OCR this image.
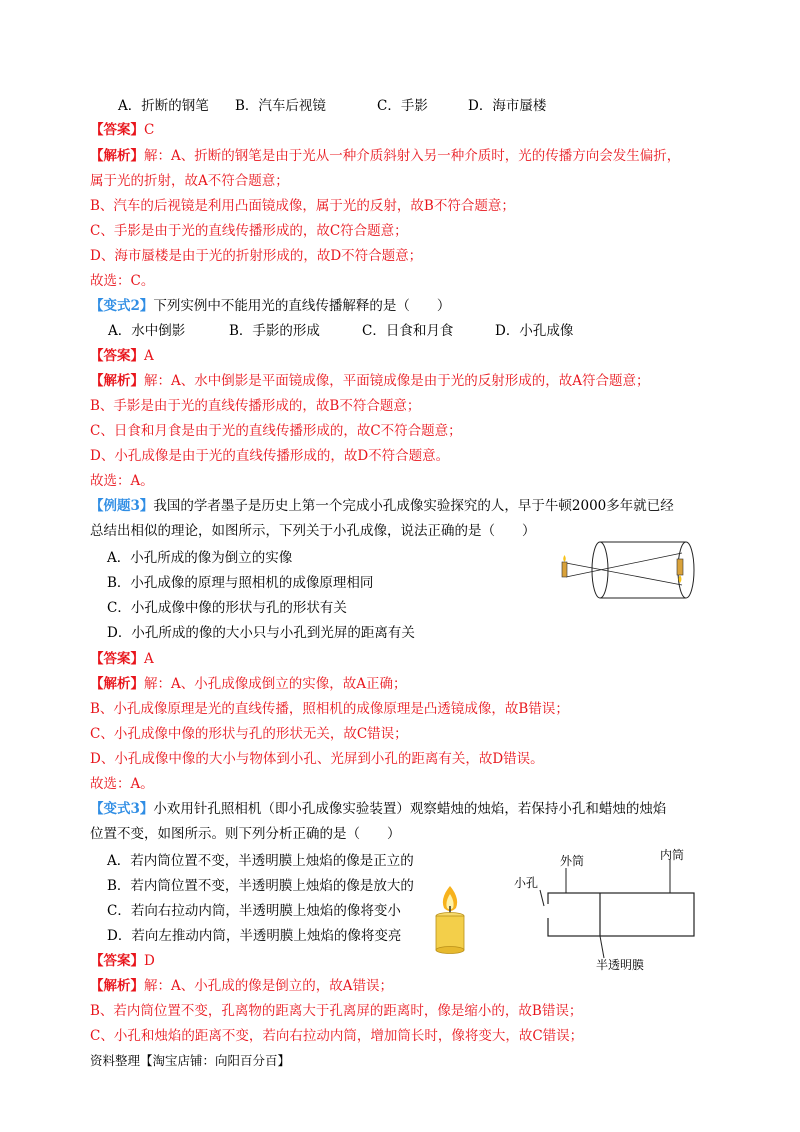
A．折断的钢笔 B．汽车后视镜	C．手影	D．海市蜃楼
【答案】C
【解析】解：A、折断的钢笔是由于光从一种介质斜射入另一种介质时，光的传播方向会发生偏折，
属于光的折射，故A不符合题意；
B、汽车的后视镜是利用凸面镜成像，属于光的反射，故B不符合题意；
C、手影是由于光的直线传播形成的，故C符合题意；
D、海市蜃楼是由于光的折射形成的，故D不符合题意；
故选：C。
【变式2】下列实例中不能用光的直线传播解释的是（　　）
A．水中倒影	B．手影的形成	C．日食和月食	D．小孔成像
【答案】A
【解析】解：A、水中倒影是平面镜成像，平面镜成像是由于光的反射形成的，故A符合题意；
B、手影是由于光的直线传播形成的，故B不符合题意；
C、日食和月食是由于光的直线传播形成的，故C不符合题意；
D、小孔成像是由于光的直线传播形成的，故D不符合题意。
故选：A。
【例题3】我国的学者墨子是历史上第一个完成小孔成像实验探究的人，早于牛顿2000多年就已经
总结出相似的理论，如图所示，下列关于小孔成像，说法正确的是（　　）
A．小孔所成的像为倒立的实像
B．小孔成像的原理与照相机的成像原理相同
C．小孔成像中像的形状与孔的形状有关
D．小孔所成的像的大小只与小孔到光屏的距离有关
【答案】A
【解析】解：A、小孔成像成倒立的实像，故A正确；
B、小孔成像原理是光的直线传播，照相机的成像原理是凸透镜成像，故B错误；
C、小孔成像中像的形状与孔的形状无关，故C错误；
D、小孔成像中像的大小与物体到小孔、光屏到小孔的距离有关，故D错误。
故选：A。
【变式3】小欢用针孔照相机（即小孔成像实验装置）观察蜡烛的烛焰，若保持小孔和蜡烛的烛焰
位置不变，如图所示。则下列分析正确的是（　　）
A．若内筒位置不变，半透明膜上烛焰的像是正立的
B．若内筒位置不变，半透明膜上烛焰的像是放大的
C．若向右拉动内筒，半透明膜上烛焰的像将变小
D．若向左推动内筒，半透明膜上烛焰的像将变亮
外筒	内筒
小孔
半透明膜
【答案】D
【解析】解：A、小孔成的像是倒立的，故A错误；
B、若内筒位置不变，孔离物的距离大于孔离屏的距离时，像是缩小的，故B错误；
C、小孔和烛焰的距离不变，若向右拉动内筒，增加筒长时，像将变大，故C错误；
资料整理【淘宝店铺：向阳百分百】
